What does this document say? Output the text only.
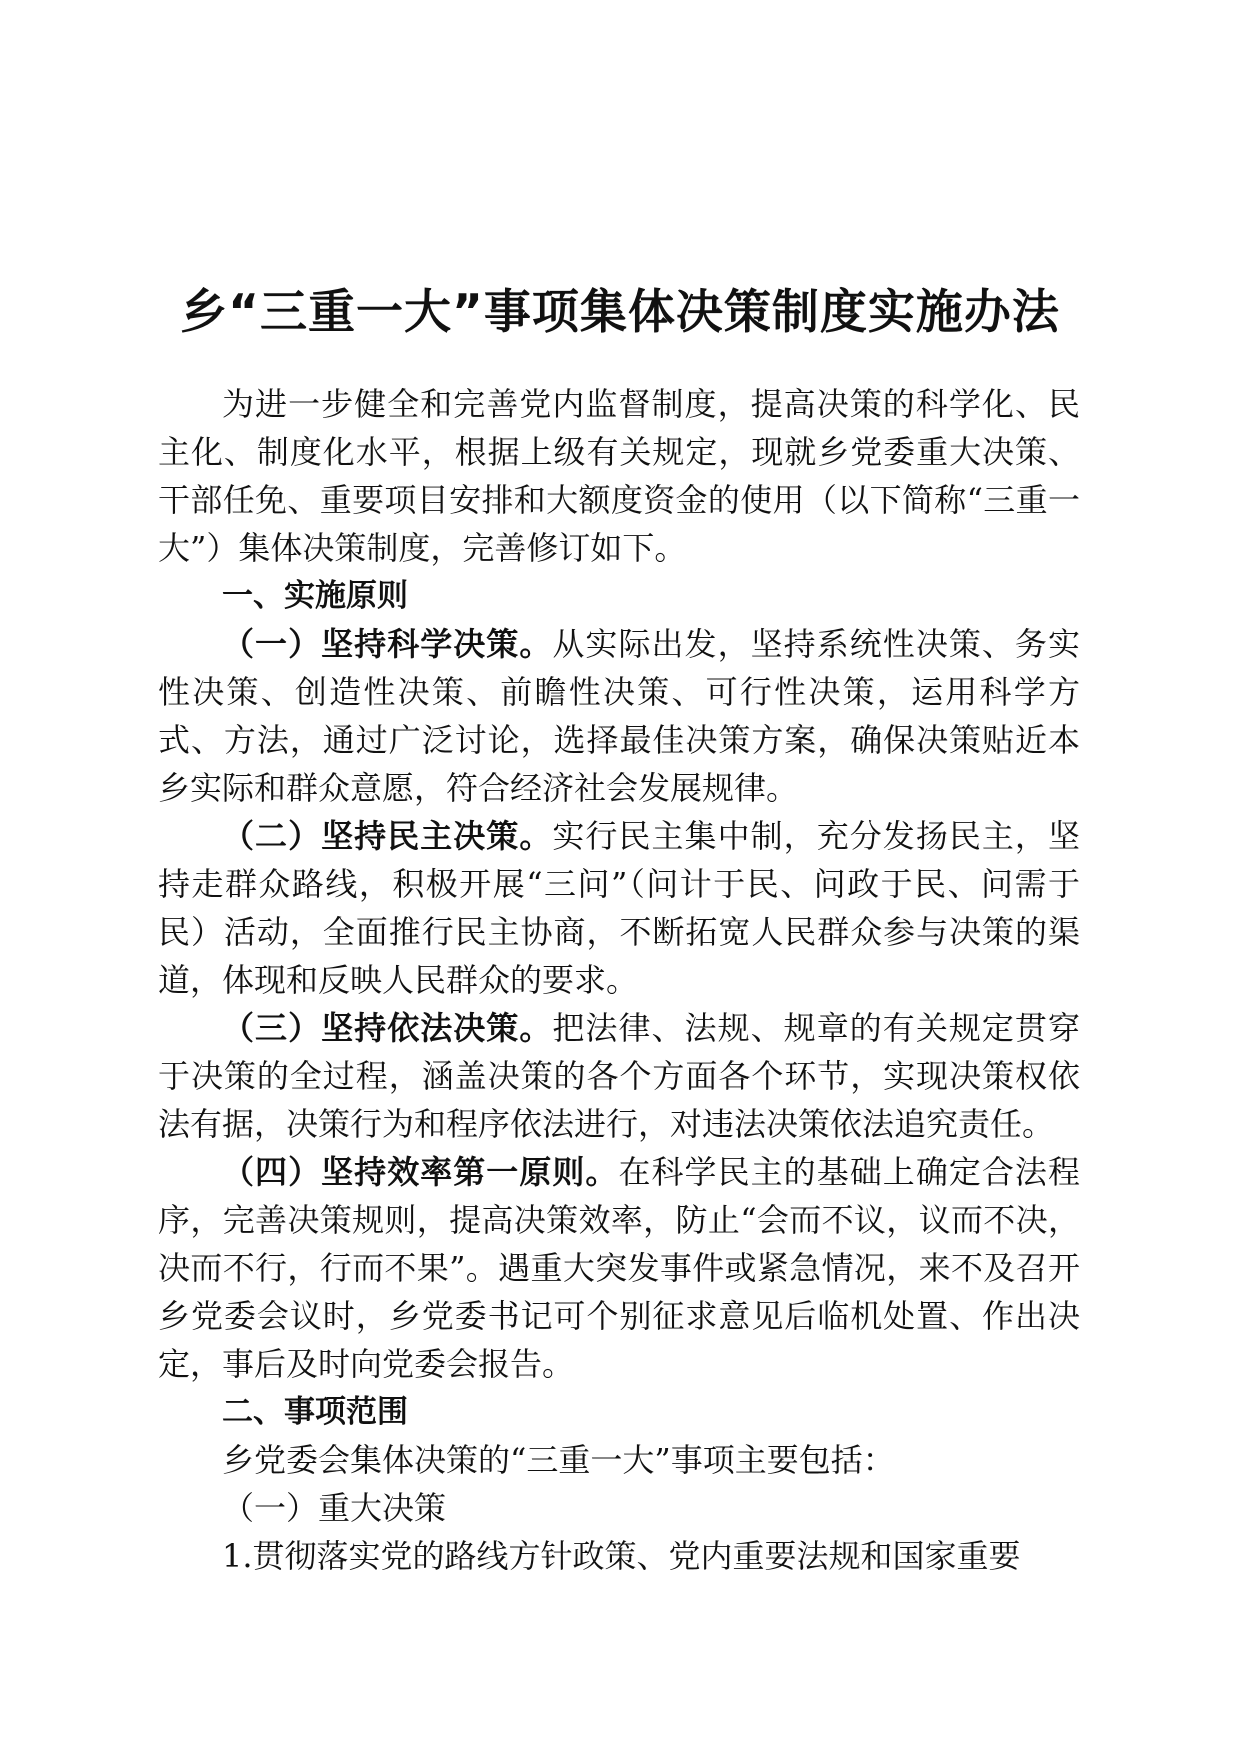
乡“三重一大”事项集体决策制度实施办法

为进一步健全和完善党内监督制度，提高决策的科学化、民主化、制度化水平，根据上级有关规定，现就乡党委重大决策、干部任免、重要项目安排和大额度资金的使用（以下简称“三重一大”）集体决策制度，完善修订如下。

一、实施原则

（一）坚持科学决策。从实际出发，坚持系统性决策、务实性决策、创造性决策、前瞻性决策、可行性决策，运用科学方式、方法，通过广泛讨论，选择最佳决策方案，确保决策贴近本乡实际和群众意愿，符合经济社会发展规律。

（二）坚持民主决策。实行民主集中制，充分发扬民主，坚持走群众路线，积极开展“三问”（问计于民、问政于民、问需于民）活动，全面推行民主协商，不断拓宽人民群众参与决策的渠道，体现和反映人民群众的要求。

（三）坚持依法决策。把法律、法规、规章的有关规定贯穿于决策的全过程，涵盖决策的各个方面各个环节，实现决策权依法有据，决策行为和程序依法进行，对违法决策依法追究责任。

（四）坚持效率第一原则。在科学民主的基础上确定合法程序，完善决策规则，提高决策效率，防止“会而不议，议而不决，决而不行，行而不果”。遇重大突发事件或紧急情况，来不及召开乡党委会议时，乡党委书记可个别征求意见后临机处置、作出决定，事后及时向党委会报告。

二、事项范围

乡党委会集体决策的“三重一大”事项主要包括：

（一）重大决策

1.贯彻落实党的路线方针政策、党内重要法规和国家重要
